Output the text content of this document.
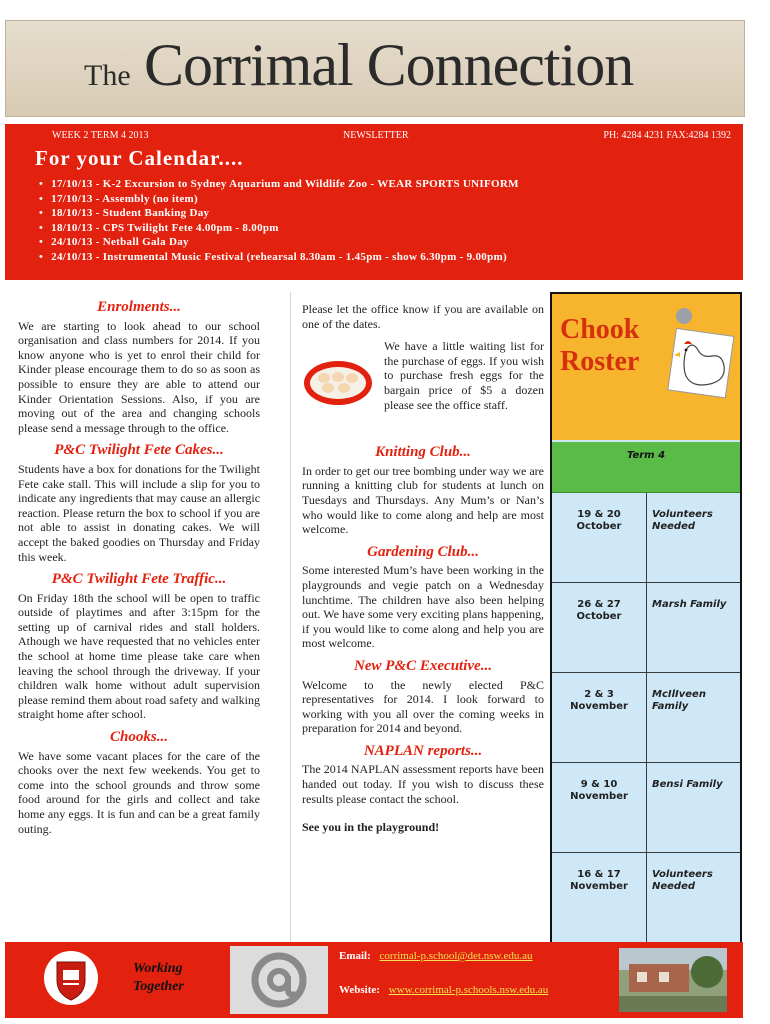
The Corrimal Connection
WEEK 2 TERM 4 2013	NEWSLETTER	PH: 4284 4231 FAX:4284 1392
For your Calendar....
• 17/10/13 - K-2 Excursion to Sydney Aquarium and Wildlife Zoo - WEAR SPORTS UNIFORM
• 17/10/13 - Assembly (no item)
• 18/10/13 - Student Banking Day
• 18/10/13 - CPS Twilight Fete 4.00pm - 8.00pm
• 24/10/13 - Netball Gala Day
• 24/10/13 - Instrumental Music Festival (rehearsal 8.30am - 1.45pm - show 6.30pm - 9.00pm)
Enrolments...

We are starting to look ahead to our school organisation and class numbers for 2014. If you know anyone who is yet to enrol their child for Kinder please encourage them to do so as soon as possible to ensure they are able to attend our Kinder Orientation Sessions. Also, if you are moving out of the area and changing schools please send a message through to the office.

P&C Twilight Fete Cakes...

Students have a box for donations for the Twilight Fete cake stall. This will include a slip for you to indicate any ingredients that may cause an allergic reaction. Please return the box to school if you are not able to assist in donating cakes. We will accept the baked goodies on Thursday and Friday this week.

P&C Twilight Fete Traffic...

On Friday 18th the school will be open to traffic outside of playtimes and after 3:15pm for the setting up of carnival rides and stall holders. Athough we have requested that no vehicles enter the school at home time please take care when leaving the school through the driveway. If your children walk home without adult supervision please remind them about road safety and walking straight home after school.

Chooks...

We have some vacant places for the care of the chooks over the next few weekends. You get to come into the school grounds and throw some food around for the girls and collect and take home any eggs. It is fun and can be a great family outing.

Please let the office know if you are available on one of the dates.

We have a little waiting list for the purchase of eggs. If you wish to purchase fresh eggs for the bargain price of $5 a dozen please see the office staff.
Knitting Club...

In order to get our tree bombing under way we are running a knitting club for students at lunch on Tuesdays and Thursdays. Any Mum’s or Nan’s who would like to come along and help are most welcome.

Gardening Club...

Some interested Mum’s have been working in the playgrounds and vegie patch on a Wednesday lunchtime. The children have also been helping out. We have some very exciting plans happening, if you would like to come along and help you are most welcome.

New P&C Executive...

Welcome to the newly elected P&C representatives for 2014. I look forward to working with you all over the coming weeks in preparation for 2014 and beyond.

NAPLAN reports...

The 2014 NAPLAN assessment reports have been handed out today. If you wish to discuss these results please contact the school.

See you in the playground!

Chook
Roster
Term 4
19 & 20
October
Volunteers
Needed
26 & 27
October
Marsh Family
2 & 3
November
McIlIveen
Family
9 & 10
November
Bensi Family
16 & 17
November
Volunteers
Needed
Working
Together
Email: corrimal-p.school@det.nsw.edu.au
Website: www.corrimal-p.schools.nsw.edu.au
